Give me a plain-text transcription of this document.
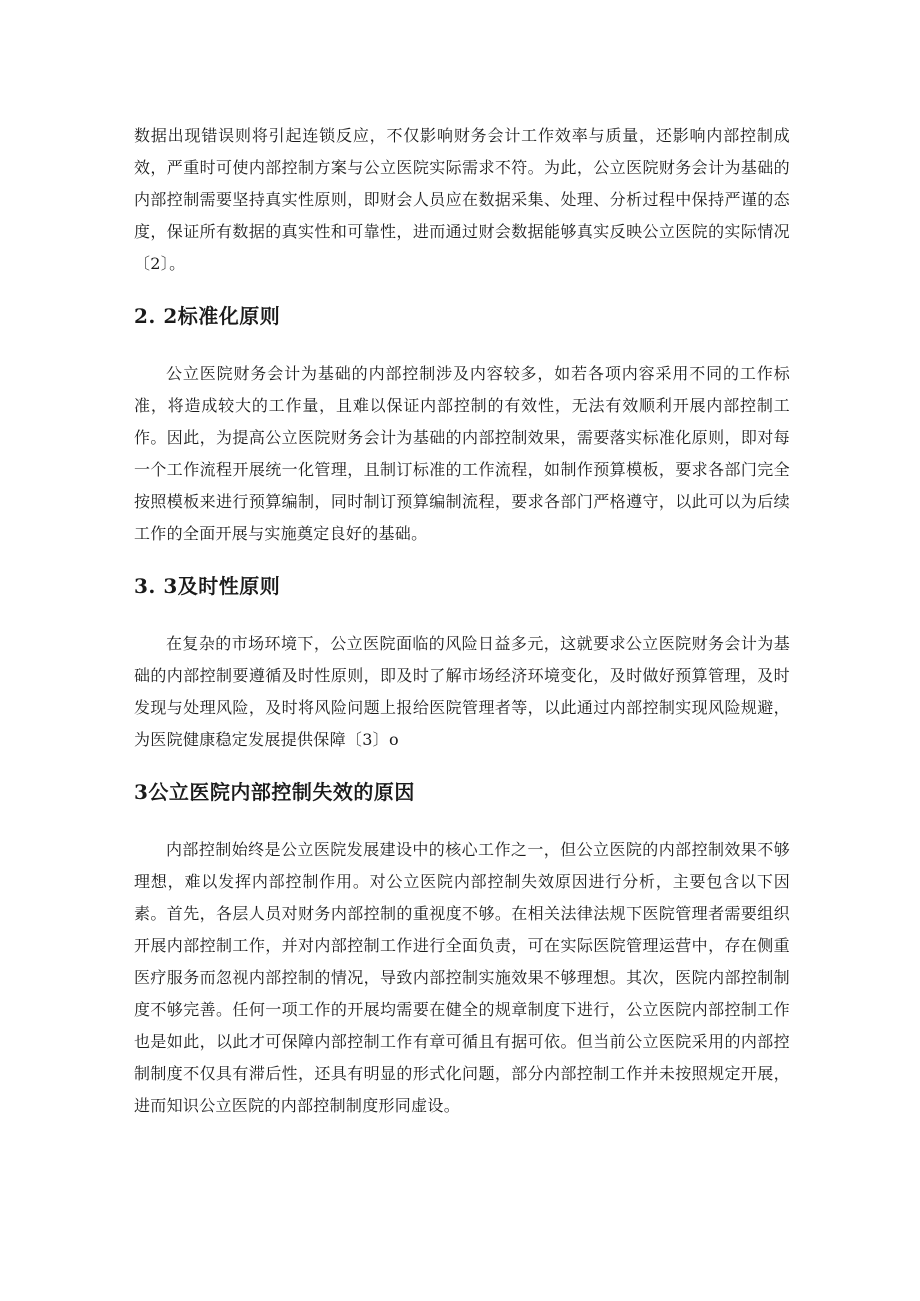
数据出现错误则将引起连锁反应，不仅影响财务会计工作效率与质量，还影响内部控制成效，严重时可使内部控制方案与公立医院实际需求不符。为此，公立医院财务会计为基础的内部控制需要坚持真实性原则，即财会人员应在数据采集、处理、分析过程中保持严谨的态度，保证所有数据的真实性和可靠性，进而通过财会数据能够真实反映公立医院的实际情况〔2〕。

2. 2标准化原则

公立医院财务会计为基础的内部控制涉及内容较多，如若各项内容采用不同的工作标准，将造成较大的工作量，且难以保证内部控制的有效性，无法有效顺利开展内部控制工作。因此，为提高公立医院财务会计为基础的内部控制效果，需要落实标准化原则，即对每一个工作流程开展统一化管理，且制订标准的工作流程，如制作预算模板，要求各部门完全按照模板来进行预算编制，同时制订预算编制流程，要求各部门严格遵守，以此可以为后续工作的全面开展与实施奠定良好的基础。

3. 3及时性原则

在复杂的市场环境下，公立医院面临的风险日益多元，这就要求公立医院财务会计为基础的内部控制要遵循及时性原则，即及时了解市场经济环境变化，及时做好预算管理，及时发现与处理风险，及时将风险问题上报给医院管理者等，以此通过内部控制实现风险规避，为医院健康稳定发展提供保障〔3〕o

3公立医院内部控制失效的原因

内部控制始终是公立医院发展建设中的核心工作之一，但公立医院的内部控制效果不够理想，难以发挥内部控制作用。对公立医院内部控制失效原因进行分析，主要包含以下因素。首先，各层人员对财务内部控制的重视度不够。在相关法律法规下医院管理者需要组织开展内部控制工作，并对内部控制工作进行全面负责，可在实际医院管理运营中，存在侧重医疗服务而忽视内部控制的情况，导致内部控制实施效果不够理想。其次，医院内部控制制度不够完善。任何一项工作的开展均需要在健全的规章制度下进行，公立医院内部控制工作也是如此，以此才可保障内部控制工作有章可循且有据可依。但当前公立医院采用的内部控制制度不仅具有滞后性，还具有明显的形式化问题，部分内部控制工作并未按照规定开展，进而知识公立医院的内部控制制度形同虚设。
